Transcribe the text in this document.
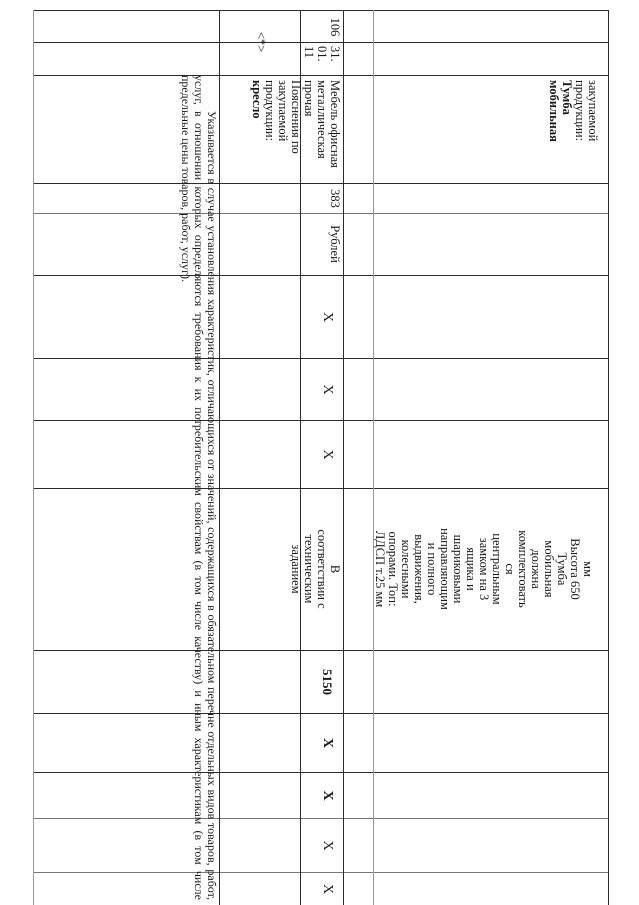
закупаемой
продукции:
Тумба
мобильная
мм
Высота 650
Тумба
мобильная
должна
комплектовать
ся
центральным
замком на 3
ящика и
шариковыми
направляющим
и полного
выдвижения,
колесными
опорами. Топ:
ЛДСП т.25 мм
106
31.
01.
11
Мебель офисная
металлическая
прочая
Пояснения по
закупаемой
продукции:
кресло
383
Рублей
X
X
X
В
соответствии с
техническим
заданием
5150
X
X
X
X
<*>
Указывается в случае установления характеристик, отличающихся от значений, содержащихся в обязательном перечне отдельных видов товаров, работ, услуг, в отношении которых определяются требования к их потребительским свойствам (в том числе качеству) и иным характеристикам (в том числе предельные цены товаров, работ, услуг).
